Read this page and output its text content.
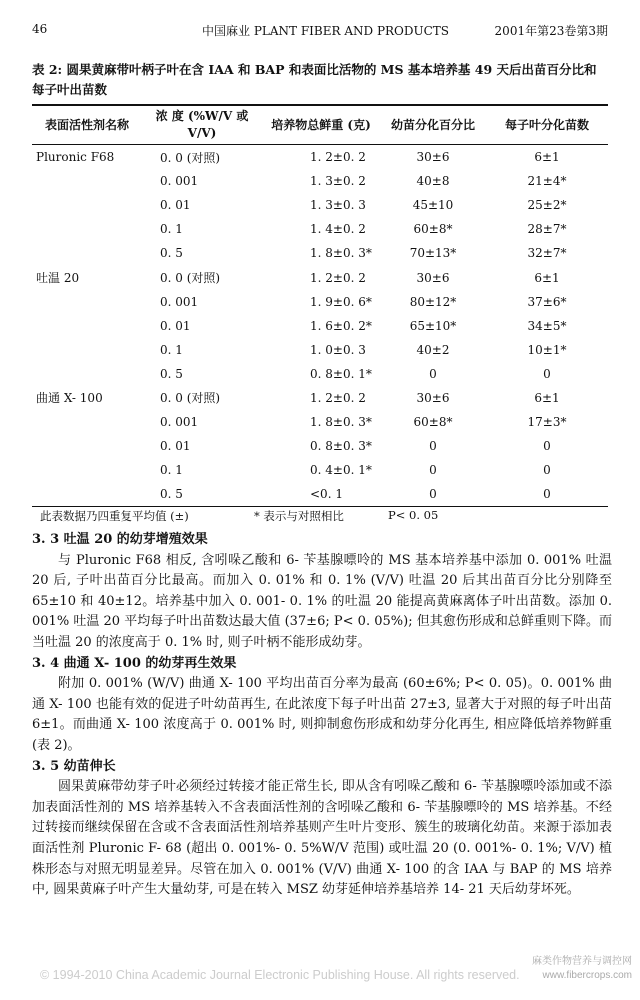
46	中国麻业 PLANT FIBER AND PRODUCTS	2001年第23卷第3期
表 2: 圆果黄麻带叶柄子叶在含 IAA 和 BAP 和表面比活物的 MS 基本培养基 49 天后出苗百分比和每子叶出苗数
表面活性剂名称	浓 度 (%W/V 或 V/V)	培养物总鲜重 (克)	幼苗分化百分比	每子叶分化苗数
Pluronic F68	0. 0 (对照)	1. 2±0. 2	30±6	6±1
	0. 001	1. 3±0. 2	40±8	21±4*
	0. 01	1. 3±0. 3	45±10	25±2*
	0. 1	1. 4±0. 2	60±8*	28±7*
	0. 5	1. 8±0. 3*	70±13*	32±7*
吐温 20	0. 0 (对照)	1. 2±0. 2	30±6	6±1
	0. 001	1. 9±0. 6*	80±12*	37±6*
	0. 01	1. 6±0. 2*	65±10*	34±5*
	0. 1	1. 0±0. 3	40±2	10±1*
	0. 5	0. 8±0. 1*	0	0
曲通 X- 100	0. 0 (对照)	1. 2±0. 2	30±6	6±1
	0. 001	1. 8±0. 3*	60±8*	17±3*
	0. 01	0. 8±0. 3*	0	0
	0. 1	0. 4±0. 1*	0	0
	0. 5	<0. 1	0	0
此表数据乃四重复平均值 (±)	* 表示与对照相比	P< 0. 05

3. 3 吐温 20 的幼芽增殖效果

与 Pluronic F68 相反, 含吲哚乙酸和 6- 苄基腺嘌呤的 MS 基本培养基中添加 0. 001% 吐温 20 后, 子叶出苗百分比最高。而加入 0. 01% 和 0. 1% (V/V) 吐温 20 后其出苗百分比分别降至 65±10 和 40±12。培养基中加入 0. 001- 0. 1% 的吐温 20 能提高黄麻离体子叶出苗数。添加 0. 001% 吐温 20 平均每子叶出苗数达最大值 (37±6; P< 0. 05%); 但其愈伤形成和总鲜重则下降。而当吐温 20 的浓度高于 0. 1% 时, 则子叶柄不能形成幼芽。

3. 4 曲通 X- 100 的幼芽再生效果

附加 0. 001% (W/V) 曲通 X- 100 平均出苗百分率为最高 (60±6%; P< 0. 05)。0. 001% 曲通 X- 100 也能有效的促进子叶幼苗再生, 在此浓度下每子叶出苗 27±3, 显著大于对照的每子叶出苗 6±1。而曲通 X- 100 浓度高于 0. 001% 时, 则抑制愈伤形成和幼芽分化再生, 相应降低培养物鲜重 (表 2)。

3. 5 幼苗伸长

圆果黄麻带幼芽子叶必须经过转接才能正常生长, 即从含有吲哚乙酸和 6- 苄基腺嘌呤添加或不添加表面活性剂的 MS 培养基转入不含表面活性剂的含吲哚乙酸和 6- 苄基腺嘌呤的 MS 培养基。不经过转接而继续保留在含或不含表面活性剂培养基则产生叶片变形、簇生的玻璃化幼苗。来源于添加表面活性剂 Pluronic F- 68 (超出 0. 001%- 0. 5%W/V 范围) 或吐温 20 (0. 001%- 0. 1%; V/V) 植株形态与对照无明显差异。尽管在加入 0. 001% (V/V) 曲通 X- 100 的含 IAA 与 BAP 的 MS 培养中, 圆果黄麻子叶产生大量幼芽, 可是在转入 MSZ 幼芽延伸培养基培养 14- 21 天后幼芽坏死。

© 1994-2010 China Academic Journal Electronic Publishing House. All rights reserved.
麻类作物营养与调控网
www.fibercrops.com
